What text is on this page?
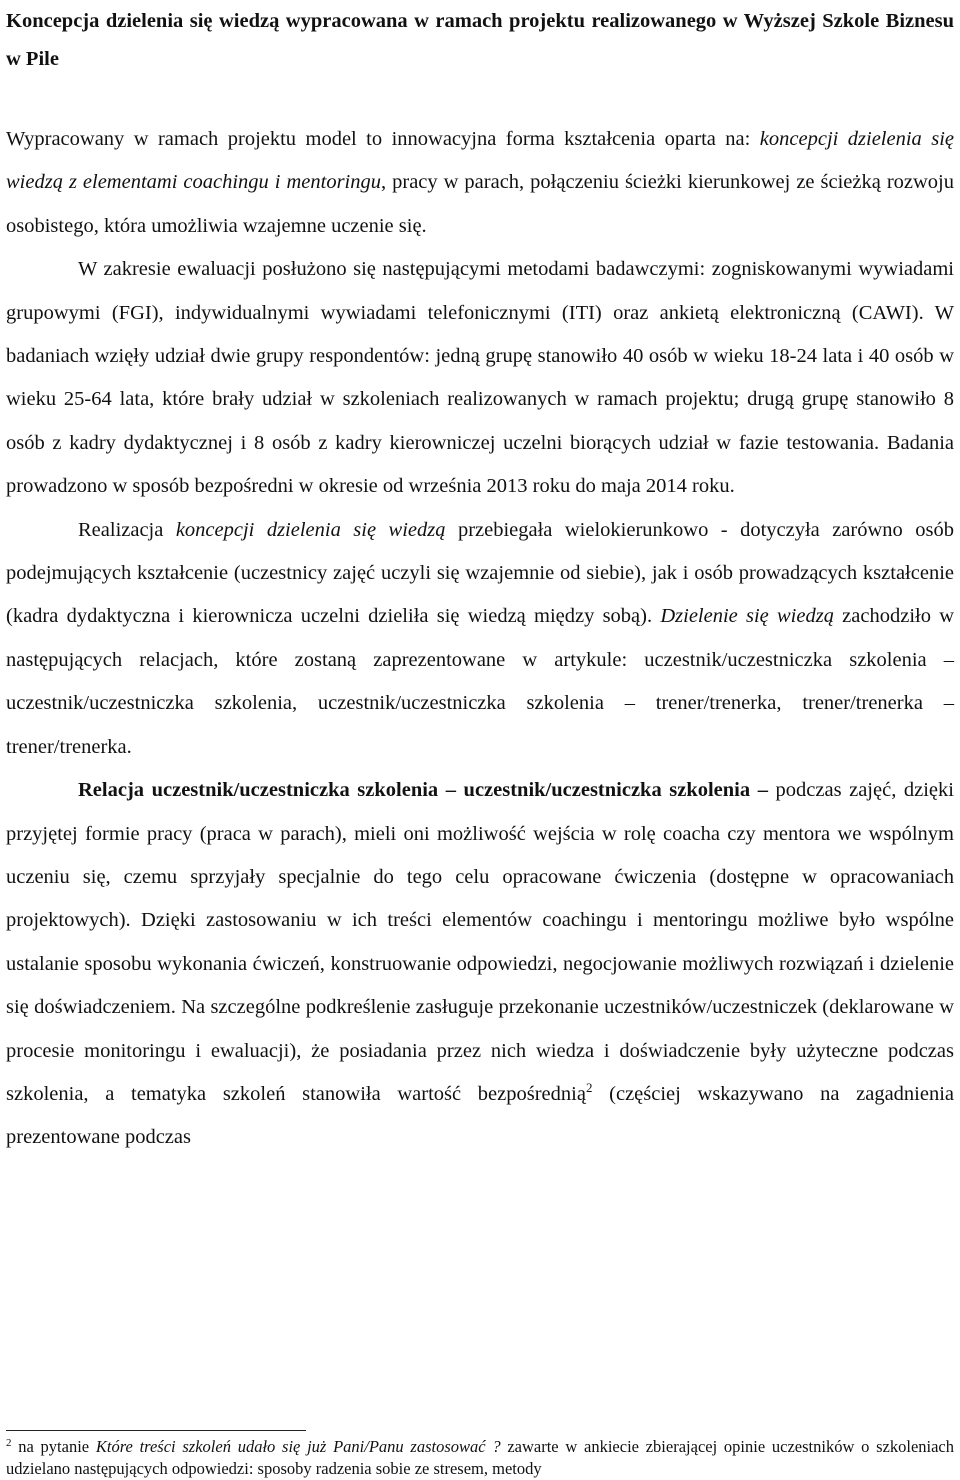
Koncepcja dzielenia się wiedzą wypracowana w ramach projektu realizowanego w Wyższej Szkole Biznesu w Pile

Wypracowany w ramach projektu model to innowacyjna forma kształcenia oparta na: koncepcji dzielenia się wiedzą z elementami coachingu i mentoringu, pracy w parach, połączeniu ścieżki kierunkowej ze ścieżką rozwoju osobistego, która umożliwia wzajemne uczenie się.
W zakresie ewaluacji posłużono się następującymi metodami badawczymi: zogniskowanymi wywiadami grupowymi (FGI), indywidualnymi wywiadami telefonicznymi (ITI) oraz ankietą elektroniczną (CAWI). W badaniach wzięły udział dwie grupy respondentów: jedną grupę stanowiło 40 osób w wieku 18-24 lata i 40 osób w wieku 25-64 lata, które brały udział w szkoleniach realizowanych w ramach projektu; drugą grupę stanowiło 8 osób z kadry dydaktycznej i 8 osób z kadry kierowniczej uczelni biorących udział w fazie testowania. Badania prowadzono w sposób bezpośredni w okresie od września 2013 roku do maja 2014 roku.

Realizacja koncepcji dzielenia się wiedzą przebiegała wielokierunkowo - dotyczyła zarówno osób podejmujących kształcenie (uczestnicy zajęć uczyli się wzajemnie od siebie), jak i osób prowadzących kształcenie (kadra dydaktyczna i kierownicza uczelni dzieliła się wiedzą między sobą). Dzielenie się wiedzą zachodziło w następujących relacjach, które zostaną zaprezentowane w artykule: uczestnik/uczestniczka szkolenia – uczestnik/uczestniczka szkolenia, uczestnik/uczestniczka szkolenia – trener/trenerka, trener/trenerka – trener/trenerka.

Relacja uczestnik/uczestniczka szkolenia – uczestnik/uczestniczka szkolenia – podczas zajęć, dzięki przyjętej formie pracy (praca w parach), mieli oni możliwość wejścia w rolę coacha czy mentora we wspólnym uczeniu się, czemu sprzyjały specjalnie do tego celu opracowane ćwiczenia (dostępne w opracowaniach projektowych). Dzięki zastosowaniu w ich treści elementów coachingu i mentoringu możliwe było wspólne ustalanie sposobu wykonania ćwiczeń, konstruowanie odpowiedzi, negocjowanie możliwych rozwiązań i dzielenie się doświadczeniem. Na szczególne podkreślenie zasługuje przekonanie uczestników/uczestniczek (deklarowane w procesie monitoringu i ewaluacji), że posiadania przez nich wiedza i doświadczenie były użyteczne podczas szkolenia, a tematyka szkoleń stanowiła wartość bezpośrednią$^2$ (częściej wskazywano na zagadnienia prezentowane podczas

$^2$ na pytanie Które treści szkoleń udało się już Pani/Panu zastosować ? zawarte w ankiecie zbierającej opinie uczestników o szkoleniach udzielano następujących odpowiedzi: sposoby radzenia sobie ze stresem, metody
